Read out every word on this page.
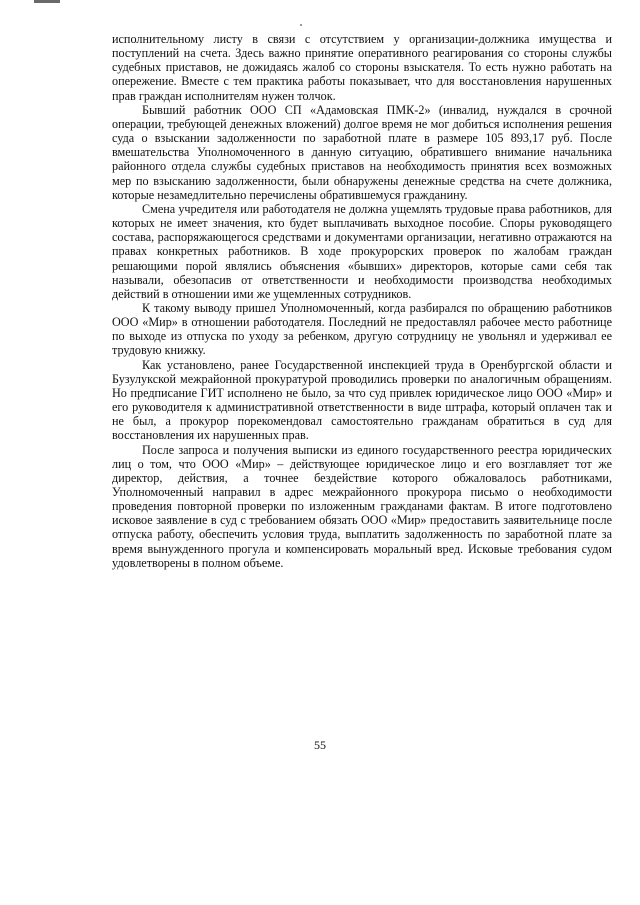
исполнительному листу в связи с отсутствием у организации-должника имущества и поступлений на счета. Здесь важно принятие оперативного реагирования со стороны службы судебных приставов, не дожидаясь жалоб со стороны взыскателя. То есть нужно работать на опережение. Вместе с тем практика работы показывает, что для восстановления нарушенных прав граждан исполнителям нужен толчок.

Бывший работник ООО СП «Адамовская ПМК-2» (инвалид, нуждался в срочной операции, требующей денежных вложений) долгое время не мог добиться исполнения решения суда о взыскании задолженности по заработной плате в размере 105 893,17 руб. После вмешательства Уполномоченного в данную ситуацию, обратившего внимание начальника районного отдела службы судебных приставов на необходимость принятия всех возможных мер по взысканию задолженности, были обнаружены денежные средства на счете должника, которые незамедлительно перечислены обратившемуся гражданину.

Смена учредителя или работодателя не должна ущемлять трудовые права работников, для которых не имеет значения, кто будет выплачивать выходное пособие. Споры руководящего состава, распоряжающегося средствами и документами организации, негативно отражаются на правах конкретных работников. В ходе прокурорских проверок по жалобам граждан решающими порой являлись объяснения «бывших» директоров, которые сами себя так называли, обезопасив от ответственности и необходимости производства необходимых действий в отношении ими же ущемленных сотрудников.

К такому выводу пришел Уполномоченный, когда разбирался по обращению работников ООО «Мир» в отношении работодателя. Последний не предоставлял рабочее место работнице по выходе из отпуска по уходу за ребенком, другую сотрудницу не увольнял и удерживал ее трудовую книжку.

Как установлено, ранее Государственной инспекцией труда в Оренбургской области и Бузулукской межрайонной прокуратурой проводились проверки по аналогичным обращениям. Но предписание ГИТ исполнено не было, за что суд привлек юридическое лицо ООО «Мир» и его руководителя к административной ответственности в виде штрафа, который оплачен так и не был, а прокурор порекомендовал самостоятельно гражданам обратиться в суд для восстановления их нарушенных прав.

После запроса и получения выписки из единого государственного реестра юридических лиц о том, что ООО «Мир» – действующее юридическое лицо и его возглавляет тот же директор, действия, а точнее бездействие которого обжаловалось работниками, Уполномоченный направил в адрес межрайонного прокурора письмо о необходимости проведения повторной проверки по изложенным гражданами фактам. В итоге подготовлено исковое заявление в суд с требованием обязать ООО «Мир» предоставить заявительнице после отпуска работу, обеспечить условия труда, выплатить задолженность по заработной плате за время вынужденного прогула и компенсировать моральный вред. Исковые требования судом удовлетворены в полном объеме.

55
